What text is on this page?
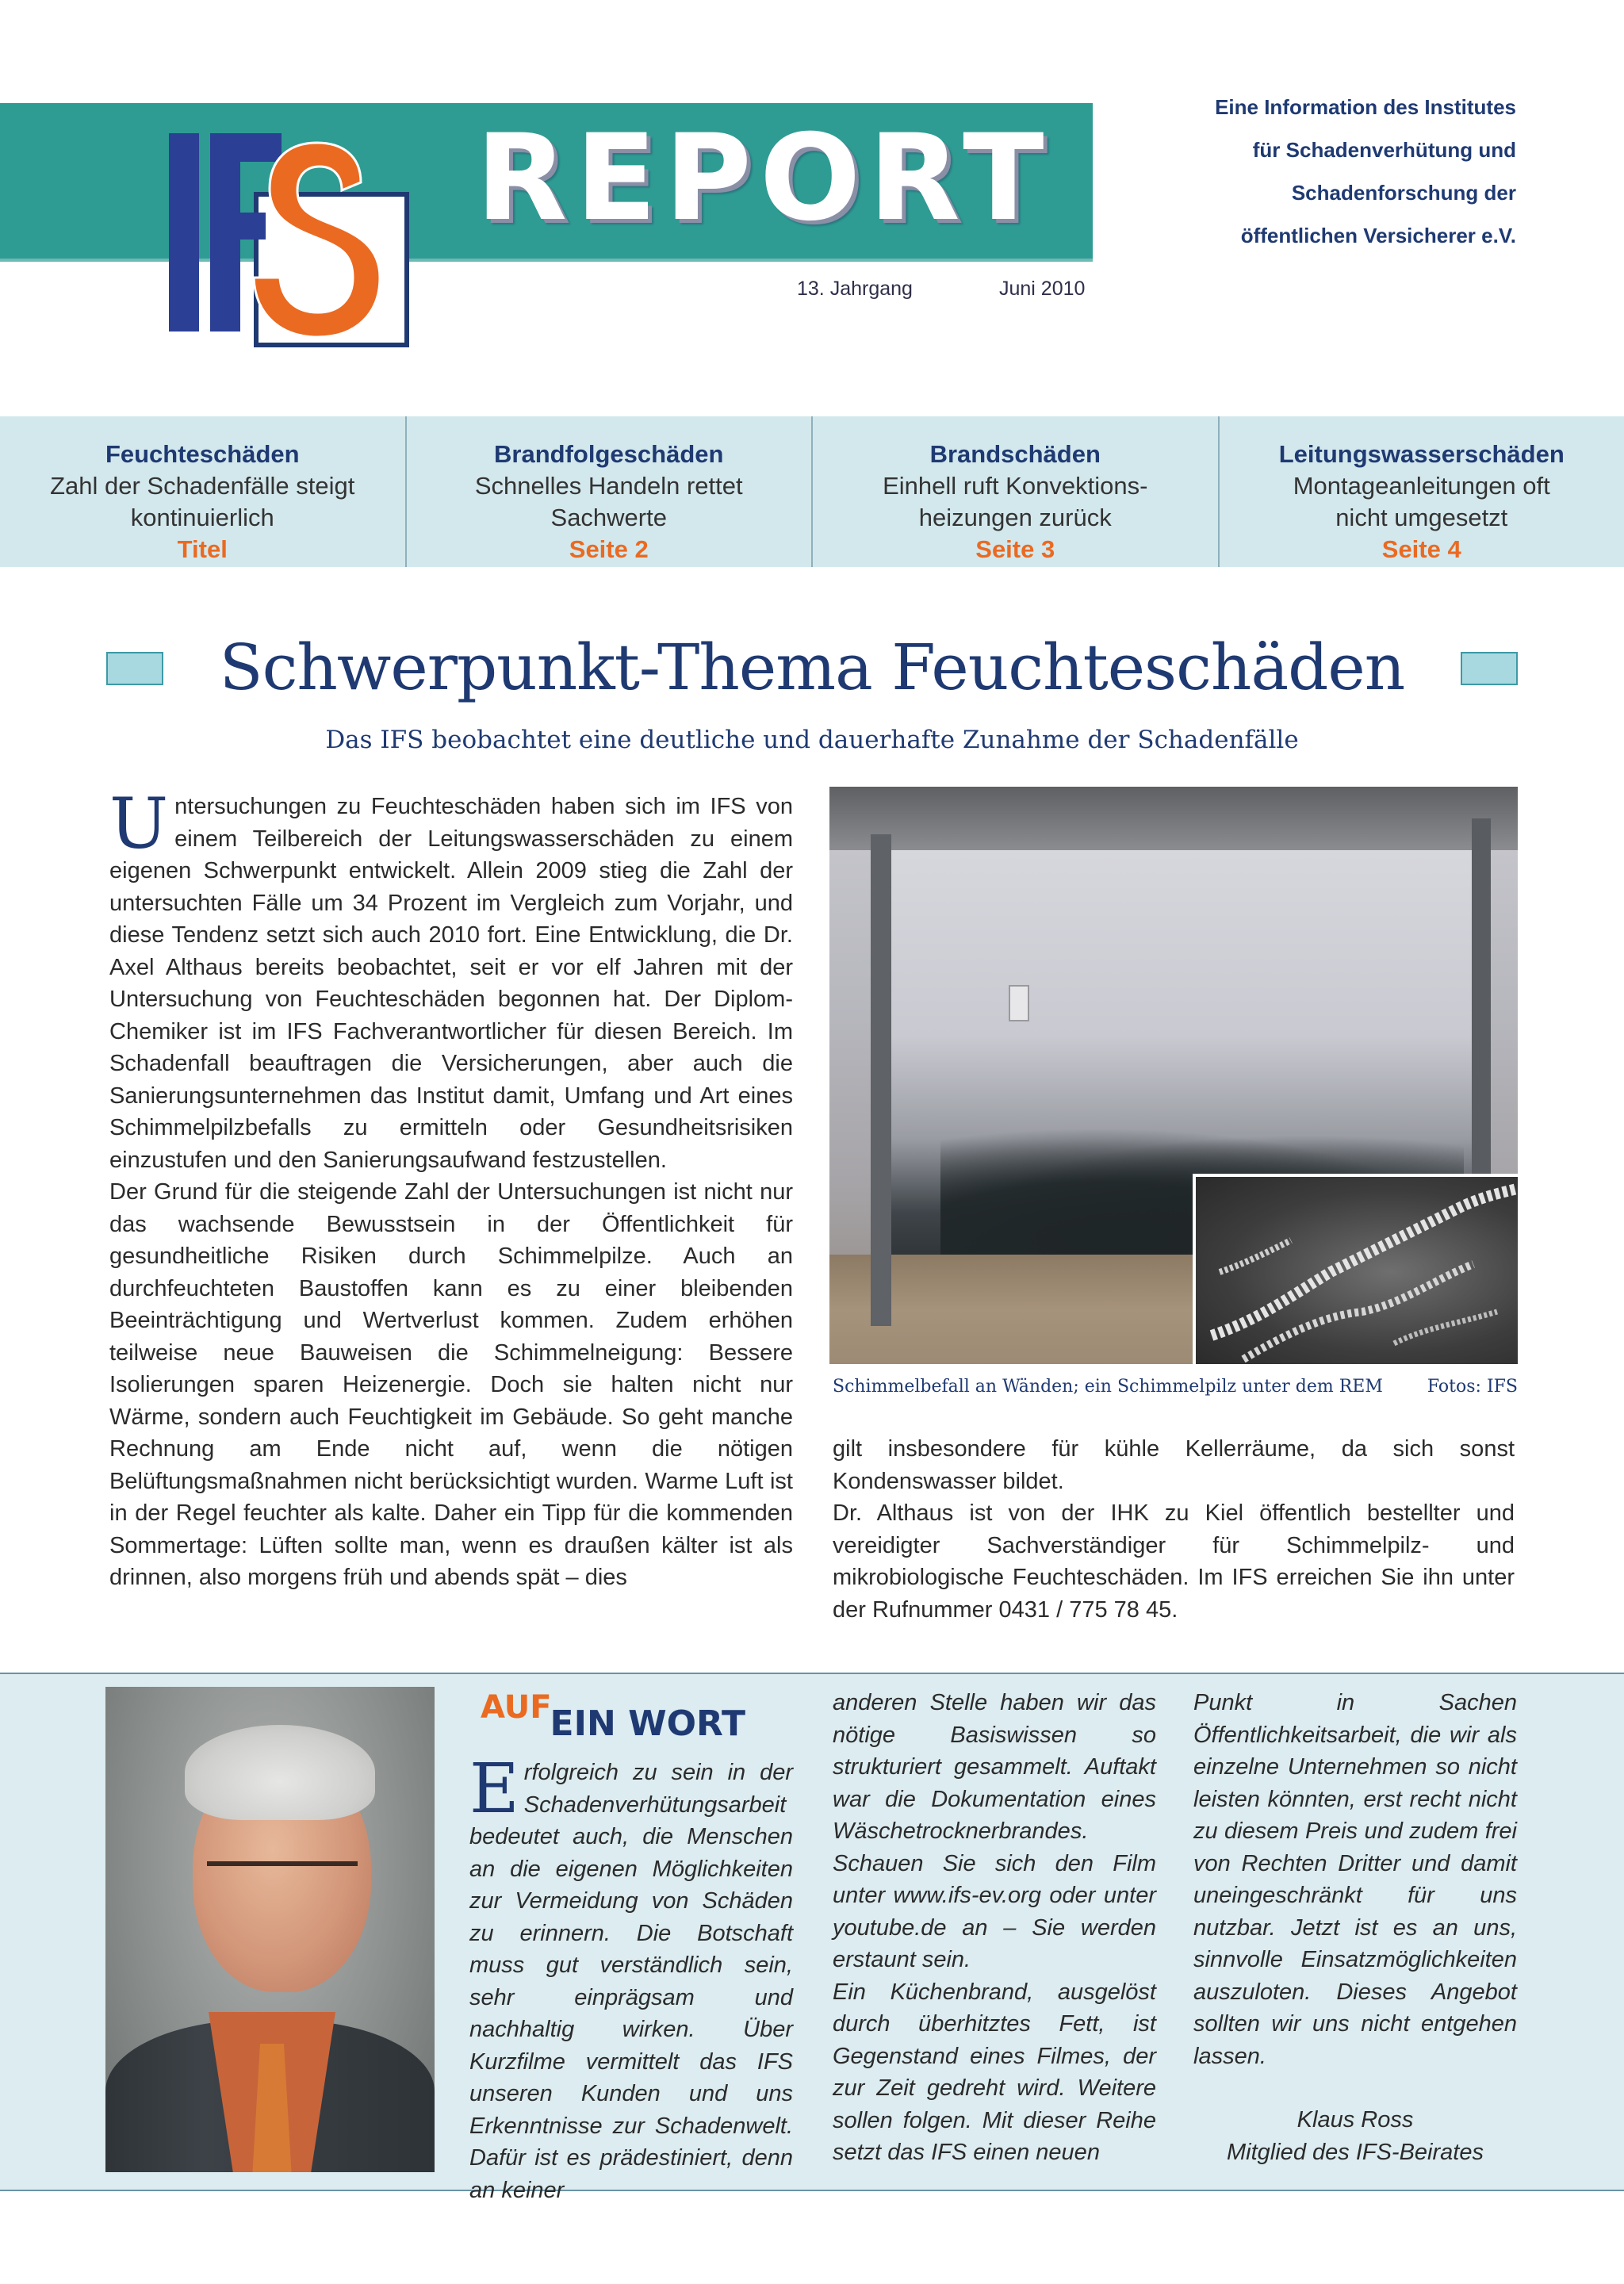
REPORT
Eine Information des Institutes
für Schadenverhütung und
Schadenforschung der
öffentlichen Versicherer e.V.
13. Jahrgang	Juni 2010
Feuchteschäden
Zahl der Schadenfälle steigt
kontinuierlich
Titel
Brandfolgeschäden
Schnelles Handeln rettet
Sachwerte
Seite 2
Brandschäden
Einhell ruft Konvektions-
heizungen zurück
Seite 3
Leitungswasserschäden
Montageanleitungen oft
nicht umgesetzt
Seite 4
Schwerpunkt-Thema Feuchteschäden
Das IFS beobachtet eine deutliche und dauerhafte Zunahme der Schadenfälle

Untersuchungen zu Feuchteschäden haben sich im IFS von einem Teilbereich der Leitungswasserschäden zu einem eigenen Schwerpunkt entwickelt. Allein 2009 stieg die Zahl der untersuchten Fälle um 34 Prozent im Vergleich zum Vorjahr, und diese Tendenz setzt sich auch 2010 fort. Eine Entwicklung, die Dr. Axel Althaus bereits beobachtet, seit er vor elf Jahren mit der Untersuchung von Feuchteschäden begonnen hat. Der Diplom-Chemiker ist im IFS Fachverantwortlicher für diesen Bereich. Im Schadenfall beauftragen die Versicherungen, aber auch die Sanierungsunternehmen das Institut damit, Umfang und Art eines Schimmelpilzbefalls zu ermitteln oder Gesundheitsrisiken einzustufen und den Sanierungsaufwand festzustellen.

Der Grund für die steigende Zahl der Untersuchungen ist nicht nur das wachsende Bewusstsein in der Öffentlichkeit für gesundheitliche Risiken durch Schimmelpilze. Auch an durchfeuchteten Baustoffen kann es zu einer bleibenden Beeinträchtigung und Wertverlust kommen. Zudem erhöhen teilweise neue Bauweisen die Schimmelneigung: Bessere Isolierungen sparen Heizenergie. Doch sie halten nicht nur Wärme, sondern auch Feuchtigkeit im Gebäude. So geht manche Rechnung am Ende nicht auf, wenn die nötigen Belüftungsmaßnahmen nicht berücksichtigt wurden. Warme Luft ist in der Regel feuchter als kalte. Daher ein Tipp für die kommenden Sommertage: Lüften sollte man, wenn es draußen kälter ist als drinnen, also morgens früh und abends spät – dies

Schimmelbefall an Wänden; ein Schimmelpilz unter dem REM	Fotos: IFS

gilt insbesondere für kühle Kellerräume, da sich sonst Kondenswasser bildet.

Dr. Althaus ist von der IHK zu Kiel öffentlich bestellter und vereidigter Sachverständiger für Schimmelpilz- und mikrobiologische Feuchteschäden. Im IFS erreichen Sie ihn unter der Rufnummer 0431 / 775 78 45.

AUFEIN WORT

Erfolgreich zu sein in der Schadenverhütungsarbeit bedeutet auch, die Menschen an die eigenen Möglichkeiten zur Vermeidung von Schäden zu erinnern. Die Botschaft muss gut verständlich sein, sehr einprägsam und nachhaltig wirken. Über Kurzfilme vermittelt das IFS unseren Kunden und uns Erkenntnisse zur Schadenwelt. Dafür ist es prädestiniert, denn an keiner

anderen Stelle haben wir das nötige Basiswissen so strukturiert gesammelt. Auftakt war die Dokumentation eines Wäschetrocknerbrandes. Schauen Sie sich den Film unter www.ifs-ev.org oder unter youtube.de an – Sie werden erstaunt sein.

Ein Küchenbrand, ausgelöst durch überhitztes Fett, ist Gegenstand eines Filmes, der zur Zeit gedreht wird. Weitere sollen folgen. Mit dieser Reihe setzt das IFS einen neuen

Punkt in Sachen Öffentlichkeitsarbeit, die wir als einzelne Unternehmen so nicht leisten könnten, erst recht nicht zu diesem Preis und zudem frei von Rechten Dritter und damit uneingeschränkt für uns nutzbar. Jetzt ist es an uns, sinnvolle Einsatzmöglichkeiten auszuloten. Dieses Angebot sollten wir uns nicht entgehen lassen.

Klaus Ross
Mitglied des IFS-Beirates
